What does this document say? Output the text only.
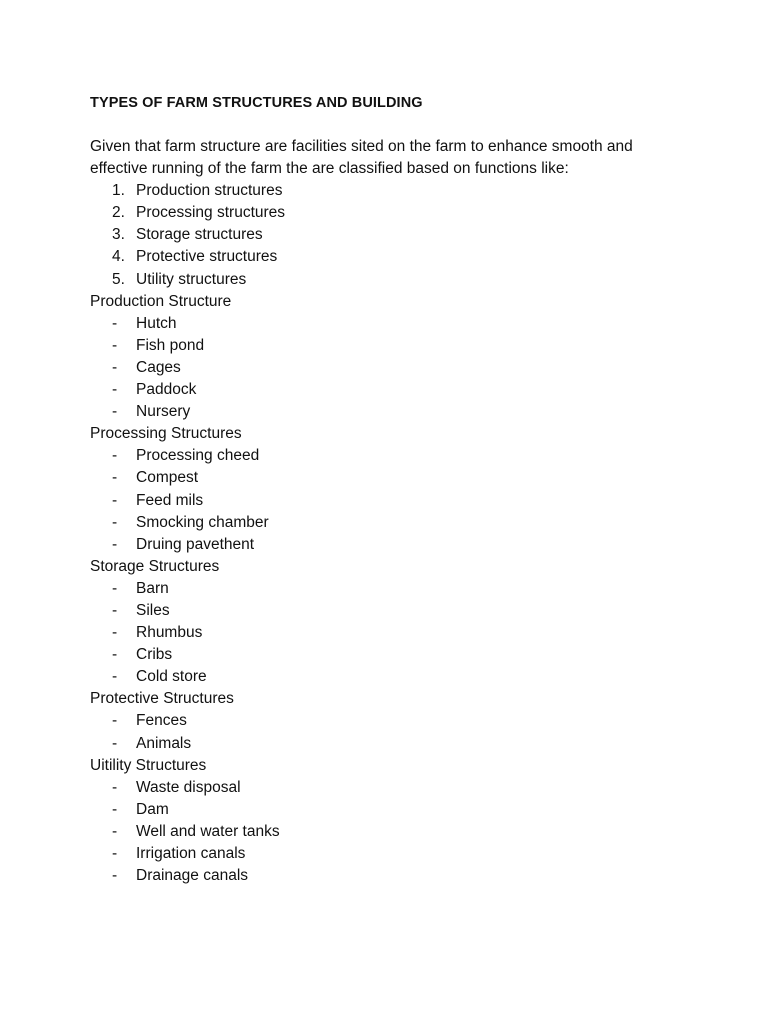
TYPES OF FARM STRUCTURES AND BUILDING

Given that farm structure are facilities sited on the farm to enhance smooth and effective running of the farm the are classified based on functions like:

1. Production structures
2. Processing structures
3. Storage structures
4. Protective structures
5. Utility structures
Production Structure
-	Hutch
-	Fish pond
-	Cages
-	Paddock
-	Nursery
Processing Structures
-	Processing cheed
-	Compest
-	Feed mils
-	Smocking chamber
-	Druing pavethent
Storage Structures
-	Barn
-	Siles
-	Rhumbus
-	Cribs
-	Cold store
Protective Structures
-	Fences
-	Animals
Uitility Structures
-	Waste disposal
-	Dam
-	Well and water tanks
-	Irrigation canals
-	Drainage canals
